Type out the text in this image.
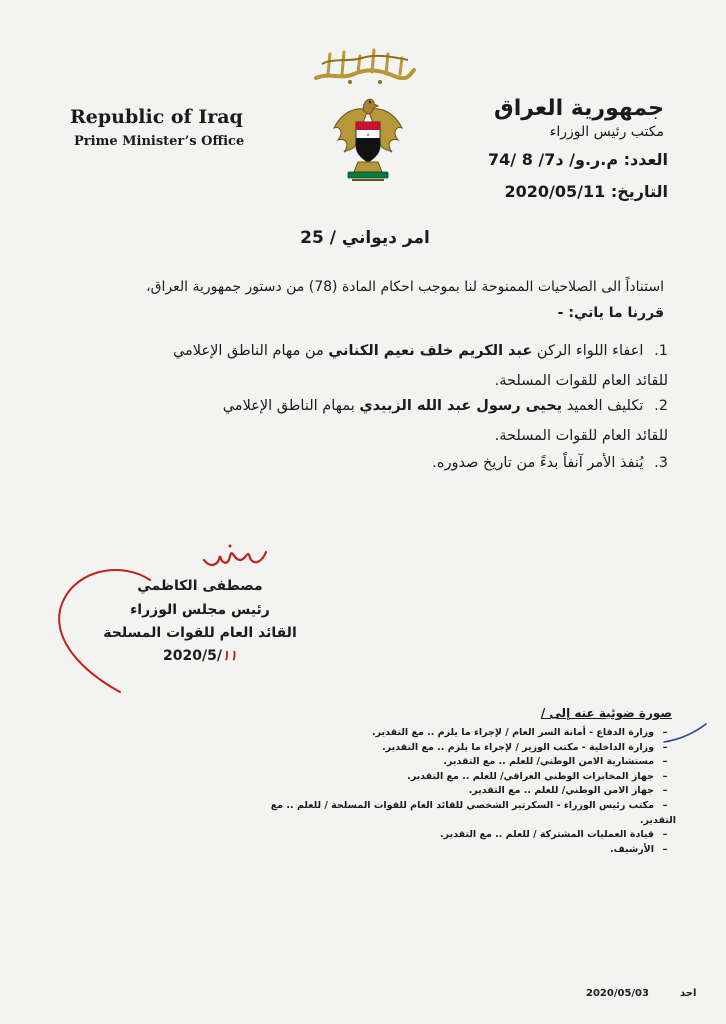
Republic of Iraq
Prime Minister’s Office	★
جمهورية العراق
مكتب رئيس الوزراء
العدد: م.ر.و/ د7/ 8 /74
التاريخ: 2020/05/11
امر ديواني / 25
استناداً الى الصلاحيات الممنوحة لنا بموجب احكام المادة (78) من دستور جمهورية العراق،
قررنا ما ياتي: -
1. اعفاء اللواء الركن عبد الكريم خلف نعيم الكناني من مهام الناطق الإعلامي
للقائد العام للقوات المسلحة.
2. تكليف العميد يحيى رسول عبد الله الزبيدي بمهام الناطق الإعلامي
للقائد العام للقوات المسلحة.
3. يُنفذ الأمر آنفاً بدءً من تاريخ صدوره.
مصطفى الكاظمي
رئيس مجلس الوزراء
القائد العام للقوات المسلحة
2020/5/١١
صورة ضوئية عنه إلى /
–وزارة الدفاع - أمانة السر العام / لإجراء ما يلزم .. مع التقدير.
–وزارة الداخلية - مكتب الوزير / لإجراء ما يلزم .. مع التقدير.
–مستشارية الامن الوطني/ للعلم .. مع التقدير.
–جهاز المخابرات الوطني العراقي/ للعلم .. مع التقدير.
–جهاز الامن الوطني/ للعلم .. مع التقدير.
–مكتب رئيس الوزراء - السكرتير الشخصي للقائد العام للقوات المسلحة / للعلم .. مع التقدير.
–قيادة العمليات المشتركة / للعلم .. مع التقدير.
–الأرشيف.
2020/05/03	احد
